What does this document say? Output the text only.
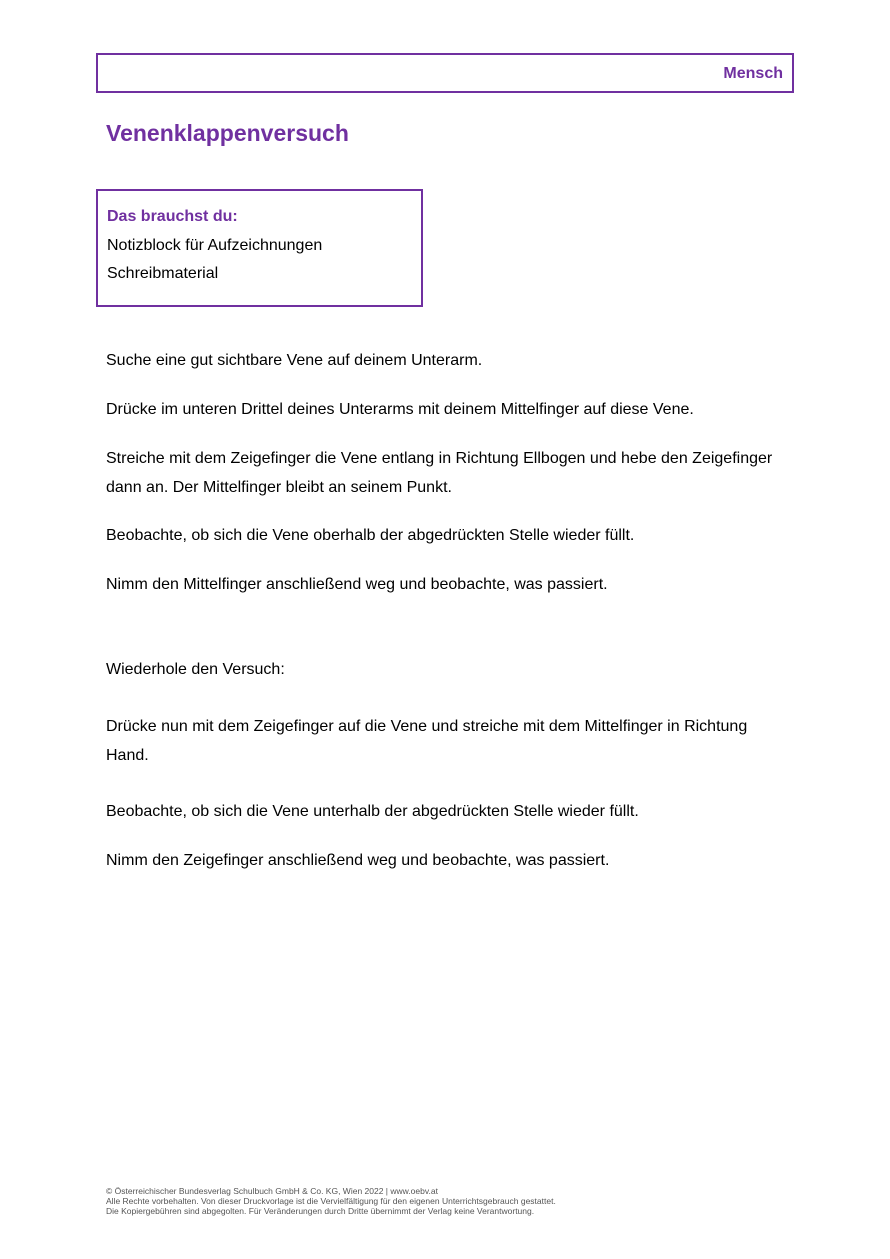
Mensch
Venenklappenversuch
Das brauchst du:
Notizblock für Aufzeichnungen
Schreibmaterial

Suche eine gut sichtbare Vene auf deinem Unterarm.

Drücke im unteren Drittel deines Unterarms mit deinem Mittelfinger auf diese Vene.

Streiche mit dem Zeigefinger die Vene entlang in Richtung Ellbogen und hebe den Zeigefinger dann an. Der Mittelfinger bleibt an seinem Punkt.

Beobachte, ob sich die Vene oberhalb der abgedrückten Stelle wieder füllt.

Nimm den Mittelfinger anschließend weg und beobachte, was passiert.

Wiederhole den Versuch:

Drücke nun mit dem Zeigefinger auf die Vene und streiche mit dem Mittelfinger in Richtung Hand.

Beobachte, ob sich die Vene unterhalb der abgedrückten Stelle wieder füllt.

Nimm den Zeigefinger anschließend weg und beobachte, was passiert.

© Österreichischer Bundesverlag Schulbuch GmbH & Co. KG, Wien 2022 | www.oebv.at
Alle Rechte vorbehalten. Von dieser Druckvorlage ist die Vervielfältigung für den eigenen Unterrichtsgebrauch gestattet.
Die Kopiergebühren sind abgegolten. Für Veränderungen durch Dritte übernimmt der Verlag keine Verantwortung.
